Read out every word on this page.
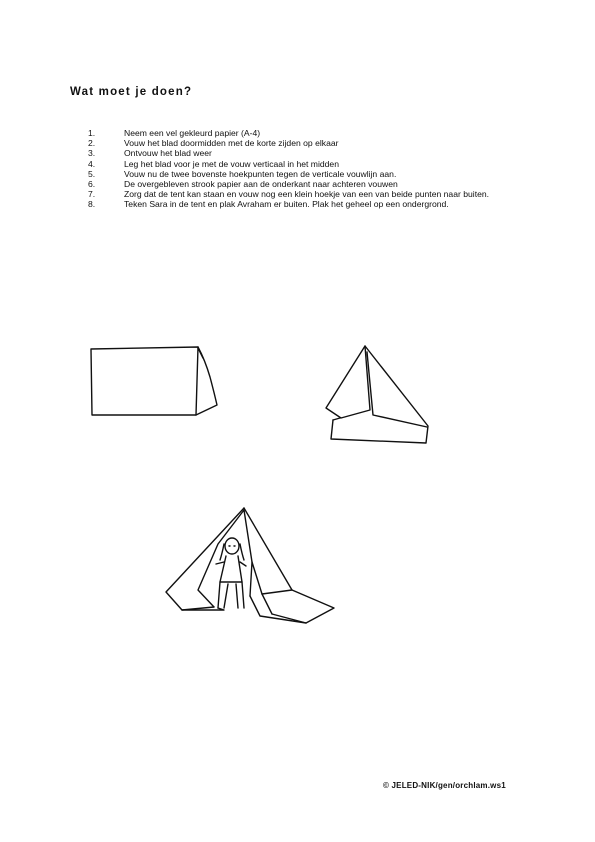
Wat moet je doen?
1.	Neem een vel gekleurd papier (A-4)
2.	Vouw het blad doormidden met de korte zijden op elkaar
3.	Ontvouw het blad weer
4.	Leg het blad voor je met de vouw verticaal in het midden
5.	Vouw nu de twee bovenste hoekpunten tegen de verticale vouwlijn aan.
6.	De overgebleven strook papier aan de onderkant naar achteren vouwen
7.	Zorg dat de tent kan staan en vouw nog een klein hoekje van een van beide punten naar buiten.
8.	Teken Sara in de tent en plak Avraham er buiten. Plak het geheel op een ondergrond.
© JELED-NIK/gen/orchlam.ws1
